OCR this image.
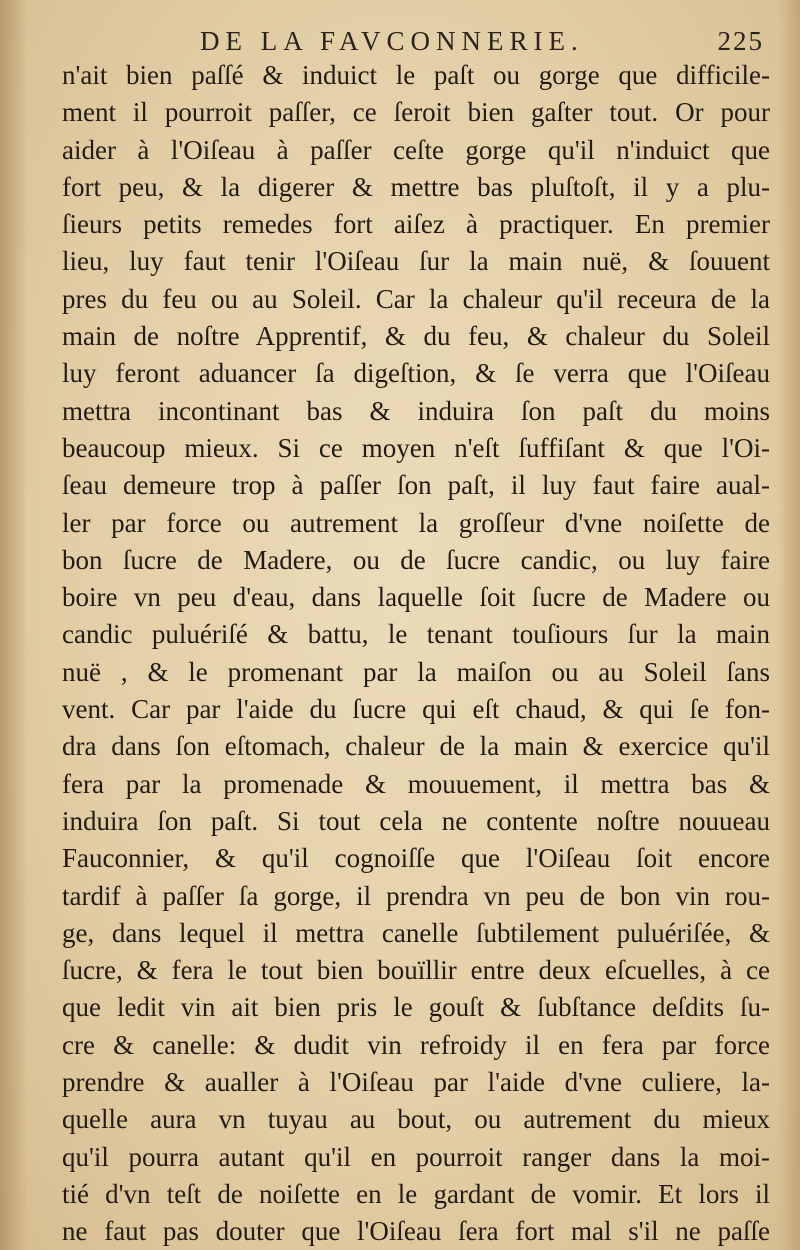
DE LA FAVCONNERIE.	225
n'ait bien paſſé & induict le paſt ou gorge que difficile-
ment il pourroit paſſer, ce ſeroit bien gaſter tout. Or pour
aider à l'Oiſeau à paſſer ceſte gorge qu'il n'induict que
fort peu, & la digerer & mettre bas pluſtoſt, il y a plu-
ſieurs petits remedes fort aiſez à practiquer. En premier
lieu, luy faut tenir l'Oiſeau ſur la main nuë, & ſouuent
pres du feu ou au Soleil. Car la chaleur qu'il receura de la
main de noſtre Apprentif, & du feu, & chaleur du Soleil
luy feront aduancer ſa digeſtion, & ſe verra que l'Oiſeau
mettra incontinant bas & induira ſon paſt du moins
beaucoup mieux. Si ce moyen n'eſt ſuffiſant & que l'Oi-
ſeau demeure trop à paſſer ſon paſt, il luy faut faire aual-
ler par force ou autrement la groſſeur d'vne noiſette de
bon ſucre de Madere, ou de ſucre candic, ou luy faire
boire vn peu d'eau, dans laquelle ſoit ſucre de Madere ou
candic puluériſé & battu, le tenant touſiours ſur la main
nuë , & le promenant par la maiſon ou au Soleil ſans
vent. Car par l'aide du ſucre qui eſt chaud, & qui ſe fon-
dra dans ſon eſtomach, chaleur de la main & exercice qu'il
fera par la promenade & mouuement, il mettra bas &
induira ſon paſt. Si tout cela ne contente noſtre nouueau
Fauconnier, & qu'il cognoiſſe que l'Oiſeau ſoit encore
tardif à paſſer ſa gorge, il prendra vn peu de bon vin rou-
ge, dans lequel il mettra canelle ſubtilement puluériſée, &
ſucre, & fera le tout bien bouïllir entre deux eſcuelles, à ce
que ledit vin ait bien pris le gouſt & ſubſtance deſdits ſu-
cre & canelle: & dudit vin refroidy il en fera par force
prendre & aualler à l'Oiſeau par l'aide d'vne culiere, la-
quelle aura vn tuyau au bout, ou autrement du mieux
qu'il pourra autant qu'il en pourroit ranger dans la moi-
tié d'vn teſt de noiſette en le gardant de vomir. Et lors il
ne faut pas douter que l'Oiſeau ſera fort mal s'il ne paſſe
